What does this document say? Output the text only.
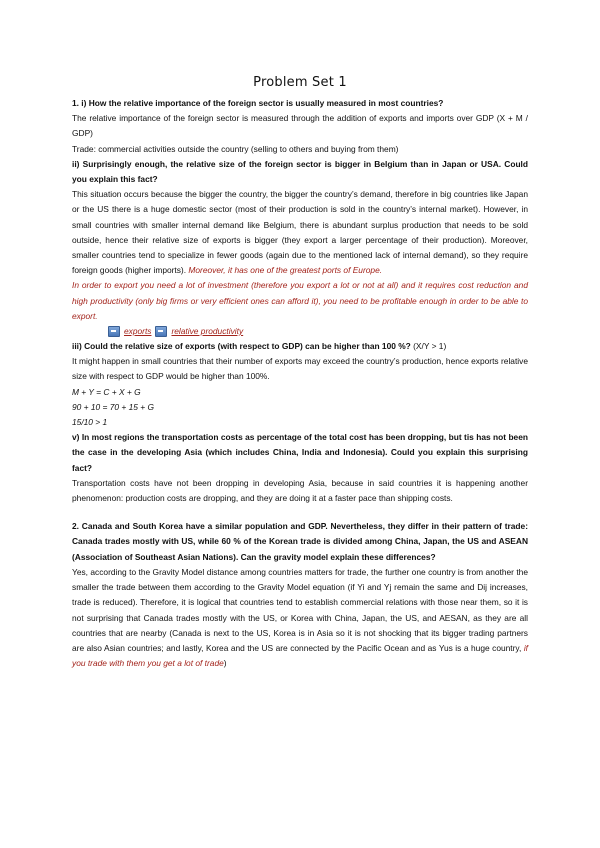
Problem Set 1

1. i) How the relative importance of the foreign sector is usually measured in most countries?

The relative importance of the foreign sector is measured through the addition of exports and imports over GDP (X + M / GDP)

Trade: commercial activities outside the country (selling to others and buying from them)

ii) Surprisingly enough, the relative size of the foreign sector is bigger in Belgium than in Japan or USA. Could you explain this fact?

This situation occurs because the bigger the country, the bigger the country’s demand, therefore in big countries like Japan or the US there is a huge domestic sector (most of their production is sold in the country’s internal market). However, in small countries with smaller internal demand like Belgium, there is abundant surplus production that needs to be sold outside, hence their relative size of exports is bigger (they export a larger percentage of their production). Moreover, smaller countries tend to specialize in fewer goods (again due to the mentioned lack of internal demand), so they require foreign goods (higher imports). Moreover, it has one of the greatest ports of Europe.

In order to export you need a lot of investment (therefore you export a lot or not at all) and it requires cost reduction and high productivity (only big firms or very efficient ones can afford it), you need to be profitable enough in order to be able to export.

exports relative productivity

iii) Could the relative size of exports (with respect to GDP) can be higher than 100 %? (X/Y > 1)

It might happen in small countries that their number of exports may exceed the country’s production, hence exports relative size with respect to GDP would be higher than 100%.

M + Y = C + X + G

90 + 10 = 70 + 15 + G

15/10 > 1

v) In most regions the transportation costs as percentage of the total cost has been dropping, but tis has not been the case in the developing Asia (which includes China, India and Indonesia). Could you explain this surprising fact?

Transportation costs have not been dropping in developing Asia, because in said countries it is happening another phenomenon: production costs are dropping, and they are doing it at a faster pace than shipping costs.

2. Canada and South Korea have a similar population and GDP. Nevertheless, they differ in their pattern of trade: Canada trades mostly with US, while 60 % of the Korean trade is divided among China, Japan, the US and ASEAN (Association of Southeast Asian Nations). Can the gravity model explain these differences?

Yes, according to the Gravity Model distance among countries matters for trade, the further one country is from another the smaller the trade between them according to the Gravity Model equation (if Yi and Yj remain the same and Dij increases, trade is reduced). Therefore, it is logical that countries tend to establish commercial relations with those near them, so it is not surprising that Canada trades mostly with the US, or Korea with China, Japan, the US, and AESAN, as they are all countries that are nearby (Canada is next to the US, Korea is in Asia so it is not shocking that its bigger trading partners are also Asian countries; and lastly, Korea and the US are connected by the Pacific Ocean and as Yus is a huge country, if you trade with them you get a lot of trade)
